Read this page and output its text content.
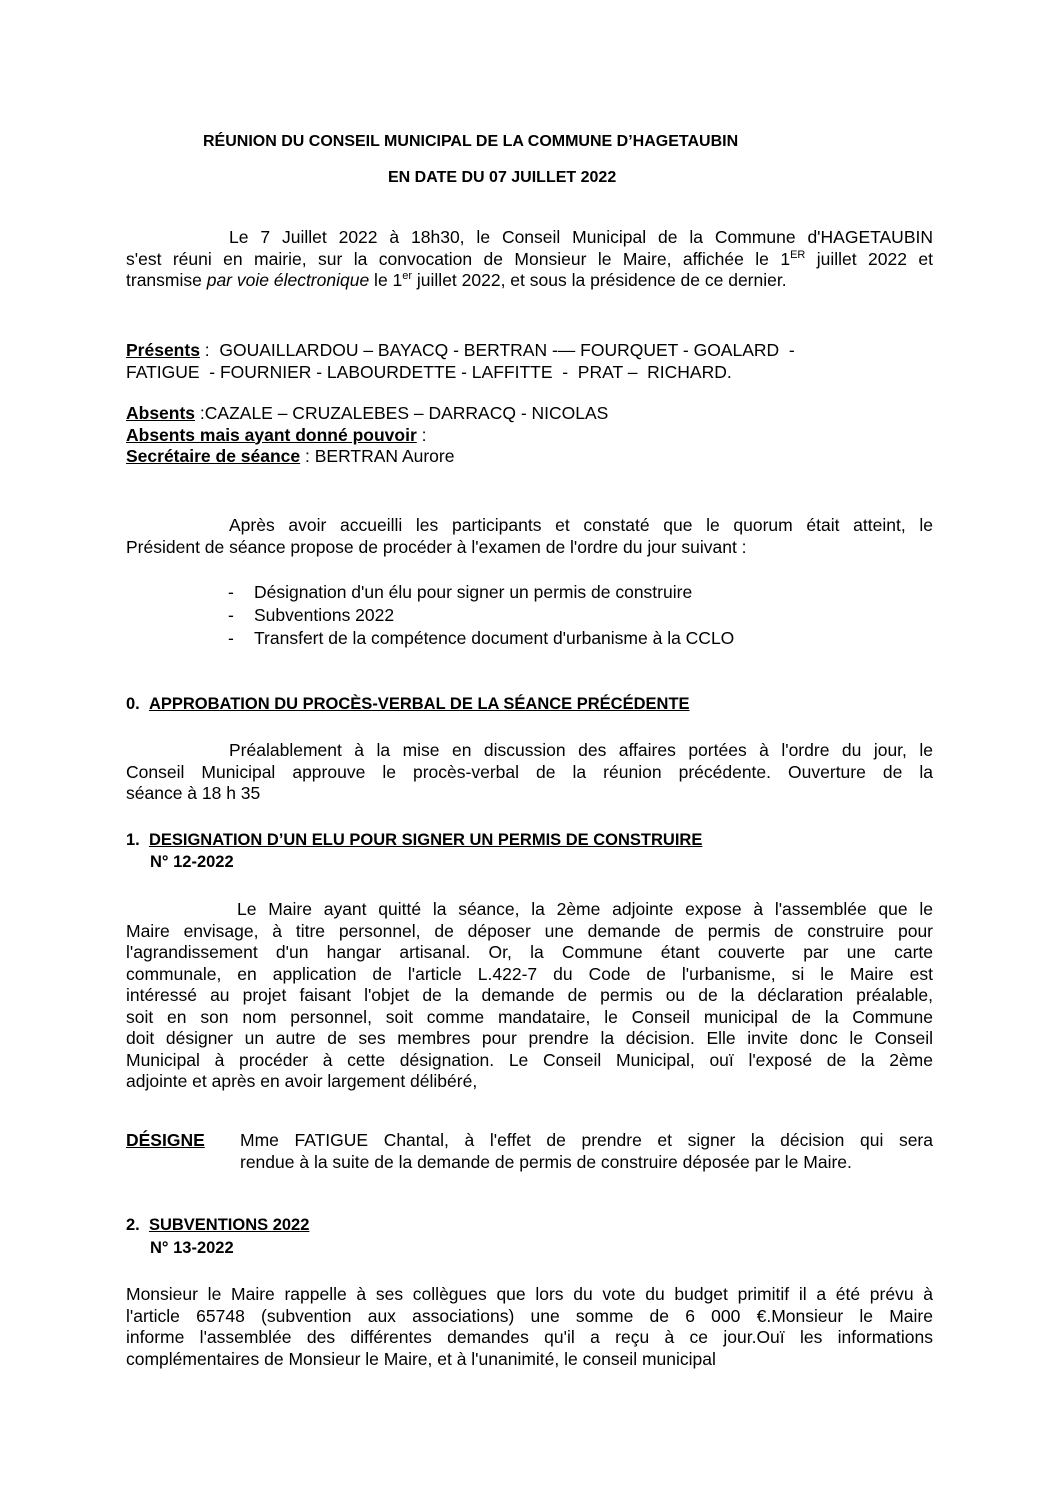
RÉUNION DU CONSEIL MUNICIPAL DE LA COMMUNE D’HAGETAUBIN
EN DATE DU 07 JUILLET 2022

Le 7 Juillet 2022 à 18h30, le Conseil Municipal de la Commune d'HAGETAUBIN

s'est réuni en mairie, sur la convocation de Monsieur le Maire, affichée le 1ER juillet 2022 et

transmise par voie électronique le 1er juillet 2022, et sous la présidence de ce dernier.

Présents :  GOUAILLARDOU – BAYACQ - BERTRAN -— FOURQUET - GOALARD  -

FATIGUE  - FOURNIER - LABOURDETTE - LAFFITTE  -  PRAT –  RICHARD.

Absents :CAZALE – CRUZALEBES – DARRACQ - NICOLAS

Absents mais ayant donné pouvoir :

Secrétaire de séance : BERTRAN Aurore

Après avoir accueilli les participants et constaté que le quorum était atteint, le

Président de séance propose de procéder à l'examen de l'ordre du jour suivant :

- Désignation d'un élu pour signer un permis de construire
- Subventions 2022
- Transfert de la compétence document d'urbanisme à la CCLO
0. APPROBATION DU PROCÈS-VERBAL DE LA SÉANCE PRÉCÉDENTE

Préalablement à la mise en discussion des affaires portées à l'ordre du jour, le

Conseil Municipal approuve le procès-verbal de la réunion précédente. Ouverture de la

séance à 18 h 35

1. DESIGNATION D’UN ELU POUR SIGNER UN PERMIS DE CONSTRUIRE
N° 12-2022

Le Maire ayant quitté la séance, la 2ème adjointe expose à l'assemblée que le

Maire envisage, à titre personnel, de déposer une demande de permis de construire pour

l'agrandissement d'un hangar artisanal. Or, la Commune étant couverte par une carte

communale, en application de l'article L.422-7 du Code de l'urbanisme, si le Maire est

intéressé au projet faisant l'objet de la demande de permis ou de la déclaration préalable,

soit en son nom personnel, soit comme mandataire, le Conseil municipal de la Commune

doit désigner un autre de ses membres pour prendre la décision. Elle invite donc le Conseil

Municipal à procéder à cette désignation. Le Conseil Municipal, ouï l'exposé de la 2ème

adjointe et après en avoir largement délibéré,

DÉSIGNE Mme FATIGUE Chantal, à l'effet de prendre et signer la décision qui sera

rendue à la suite de la demande de permis de construire déposée par le Maire.

2. SUBVENTIONS 2022
N° 13-2022

Monsieur le Maire rappelle à ses collègues que lors du vote du budget primitif il a été prévu à

l'article 65748 (subvention aux associations) une somme de 6 000 €.Monsieur le Maire

informe l'assemblée des différentes demandes qu'il a reçu à ce jour.Ouï les informations

complémentaires de Monsieur le Maire, et à l'unanimité, le conseil municipal
